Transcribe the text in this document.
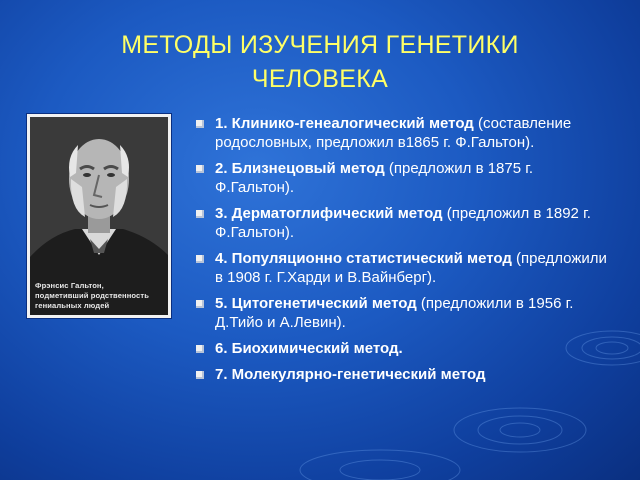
МЕТОДЫ ИЗУЧЕНИЯ ГЕНЕТИКИ
ЧЕЛОВЕКА
Фрэнсис Гальтон,
подметивший родственность
гениальных людей
1. Клинико-генеалогический метод (составление родословных, предложил в1865 г. Ф.Гальтон).
2. Близнецовый метод (предложил в 1875 г. Ф.Гальтон).
3. Дерматоглифический метод (предложил в 1892 г. Ф.Гальтон).
4. Популяционно статистический метод (предложили в 1908 г. Г.Харди и В.Вайнберг).
5. Цитогенетический метод (предложили в 1956 г. Д.Тийо и А.Левин).
6. Биохимический метод.
7. Молекулярно-генетический метод
